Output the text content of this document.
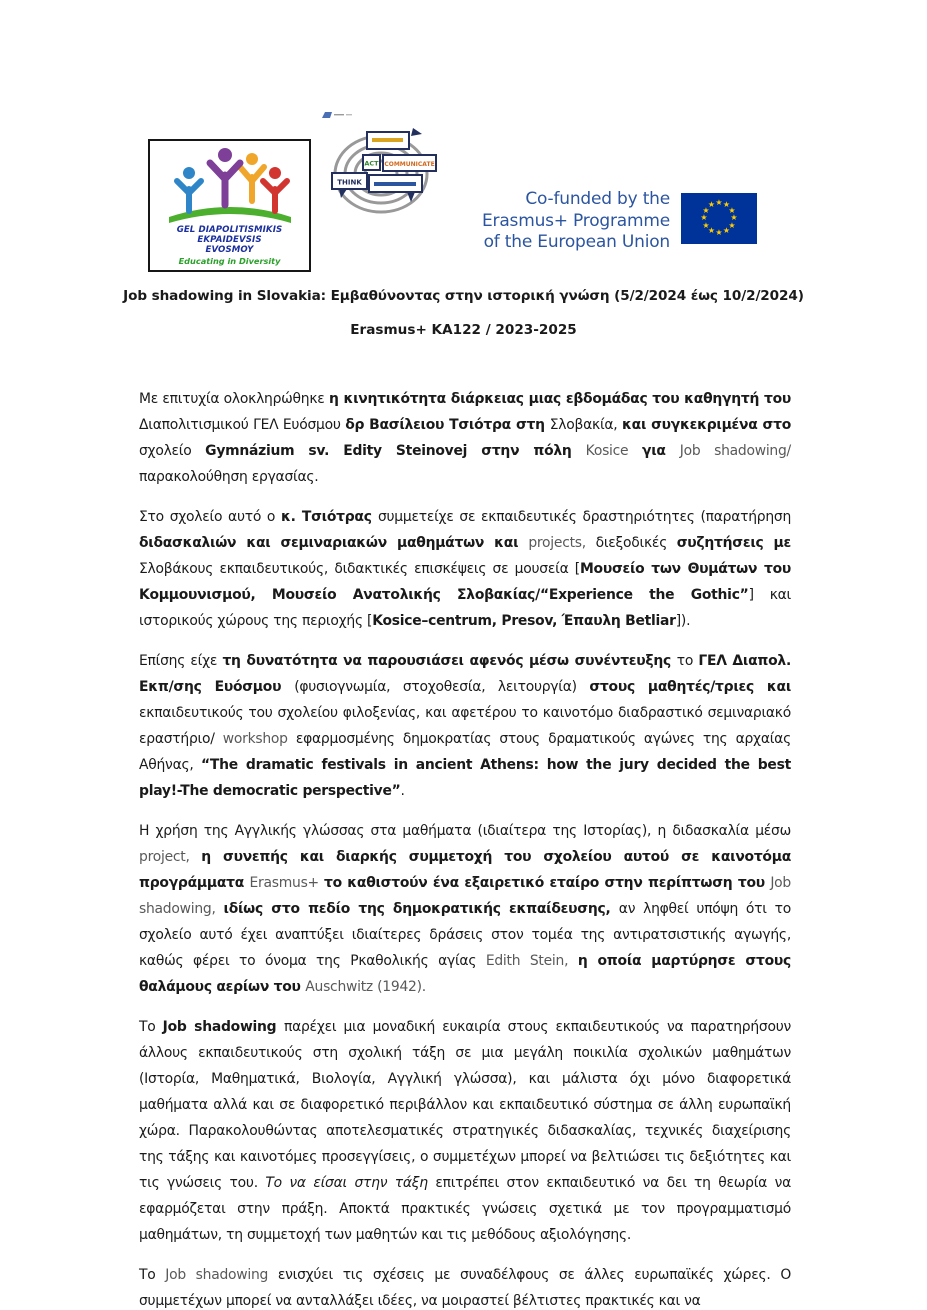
GEL DIAPOLITISMIKIS EKPAIDEVSIS
EVOSMOY
Educating in Diversity
ACT COMMUNICATE
THINK
Co-funded by the
Erasmus+ Programme
of the European Union
★ ★
★
★
★
★
★
★
★
★
★
★
Job shadowing in Slovakia: Εμβαθύνοντας στην ιστορική γνώση (5/2/2024 έως 10/2/2024)
Erasmus+ KA122 / 2023-2025

Με επιτυχία ολοκληρώθηκε η κινητικότητα διάρκειας μιας εβδομάδας του καθηγητή του Διαπολιτισμικού ΓΕΛ Ευόσμου δρ Βασίλειου Τσιότρα στη Σλοβακία, και συγκεκριμένα στο σχολείο Gymnázium sv. Edity Steinovej στην πόλη Kosice για Job shadowing/ παρακολούθηση εργασίας.

Στο σχολείο αυτό ο κ. Τσιότρας συμμετείχε σε εκπαιδευτικές δραστηριότητες (παρατήρηση διδασκαλιών και σεμιναριακών μαθημάτων και projects, διεξοδικές συζητήσεις με Σλοβάκους εκπαιδευτικούς, διδακτικές επισκέψεις σε μουσεία [Μουσείο των Θυμάτων του Κομμουνισμού, Μουσείο Ανατολικής Σλοβακίας/“Experience the Gothic”] και ιστορικούς χώρους της περιοχής [Kosice–centrum, Presov, Έπαυλη Betliar]).

Επίσης είχε τη δυνατότητα να παρουσιάσει αφενός μέσω συνέντευξης το ΓΕΛ Διαπολ. Εκπ/σης Ευόσμου (φυσιογνωμία, στοχοθεσία, λειτουργία) στους μαθητές/τριες και εκπαιδευτικούς του σχολείου φιλοξενίας, και αφετέρου το καινοτόμο διαδραστικό σεμιναριακό εραστήριο/ workshop εφαρμοσμένης δημοκρατίας στους δραματικούς αγώνες της αρχαίας Αθήνας, “The dramatic festivals in ancient Athens: how the jury decided the best play!-The democratic perspective”.

Η χρήση της Αγγλικής γλώσσας στα μαθήματα (ιδιαίτερα της Ιστορίας), η διδασκαλία μέσω project, η συνεπής και διαρκής συμμετοχή του σχολείου αυτού σε καινοτόμα προγράμματα Erasmus+ το καθιστούν ένα εξαιρετικό εταίρο στην περίπτωση του Job shadowing, ιδίως στο πεδίο της δημοκρατικής εκπαίδευσης, αν ληφθεί υπόψη ότι το σχολείο αυτό έχει αναπτύξει ιδιαίτερες δράσεις στον τομέα της αντιρατσιστικής αγωγής, καθώς φέρει το όνομα της Ρκαθολικής αγίας Edith Stein, η οποία μαρτύρησε στους θαλάμους αερίων του Auschwitz (1942).

Το Job shadowing παρέχει μια μοναδική ευκαιρία στους εκπαιδευτικούς να παρατηρήσουν άλλους εκπαιδευτικούς στη σχολική τάξη σε μια μεγάλη ποικιλία σχολικών μαθημάτων (Ιστορία, Μαθηματικά, Βιολογία, Αγγλική γλώσσα), και μάλιστα όχι μόνο διαφορετικά μαθήματα αλλά και σε διαφορετικό περιβάλλον και εκπαιδευτικό σύστημα σε άλλη ευρωπαϊκή χώρα. Παρακολουθώντας αποτελεσματικές στρατηγικές διδασκαλίας, τεχνικές διαχείρισης της τάξης και καινοτόμες προσεγγίσεις, ο συμμετέχων μπορεί να βελτιώσει τις δεξιότητες και τις γνώσεις του. Το να είσαι στην τάξη επιτρέπει στον εκπαιδευτικό να δει τη θεωρία να εφαρμόζεται στην πράξη. Αποκτά πρακτικές γνώσεις σχετικά με τον προγραμματισμό μαθημάτων, τη συμμετοχή των μαθητών και τις μεθόδους αξιολόγησης.

Το Job shadowing ενισχύει τις σχέσεις με συναδέλφους σε άλλες ευρωπαϊκές χώρες. Ο συμμετέχων μπορεί να ανταλλάξει ιδέες, να μοιραστεί βέλτιστες πρακτικές και να
